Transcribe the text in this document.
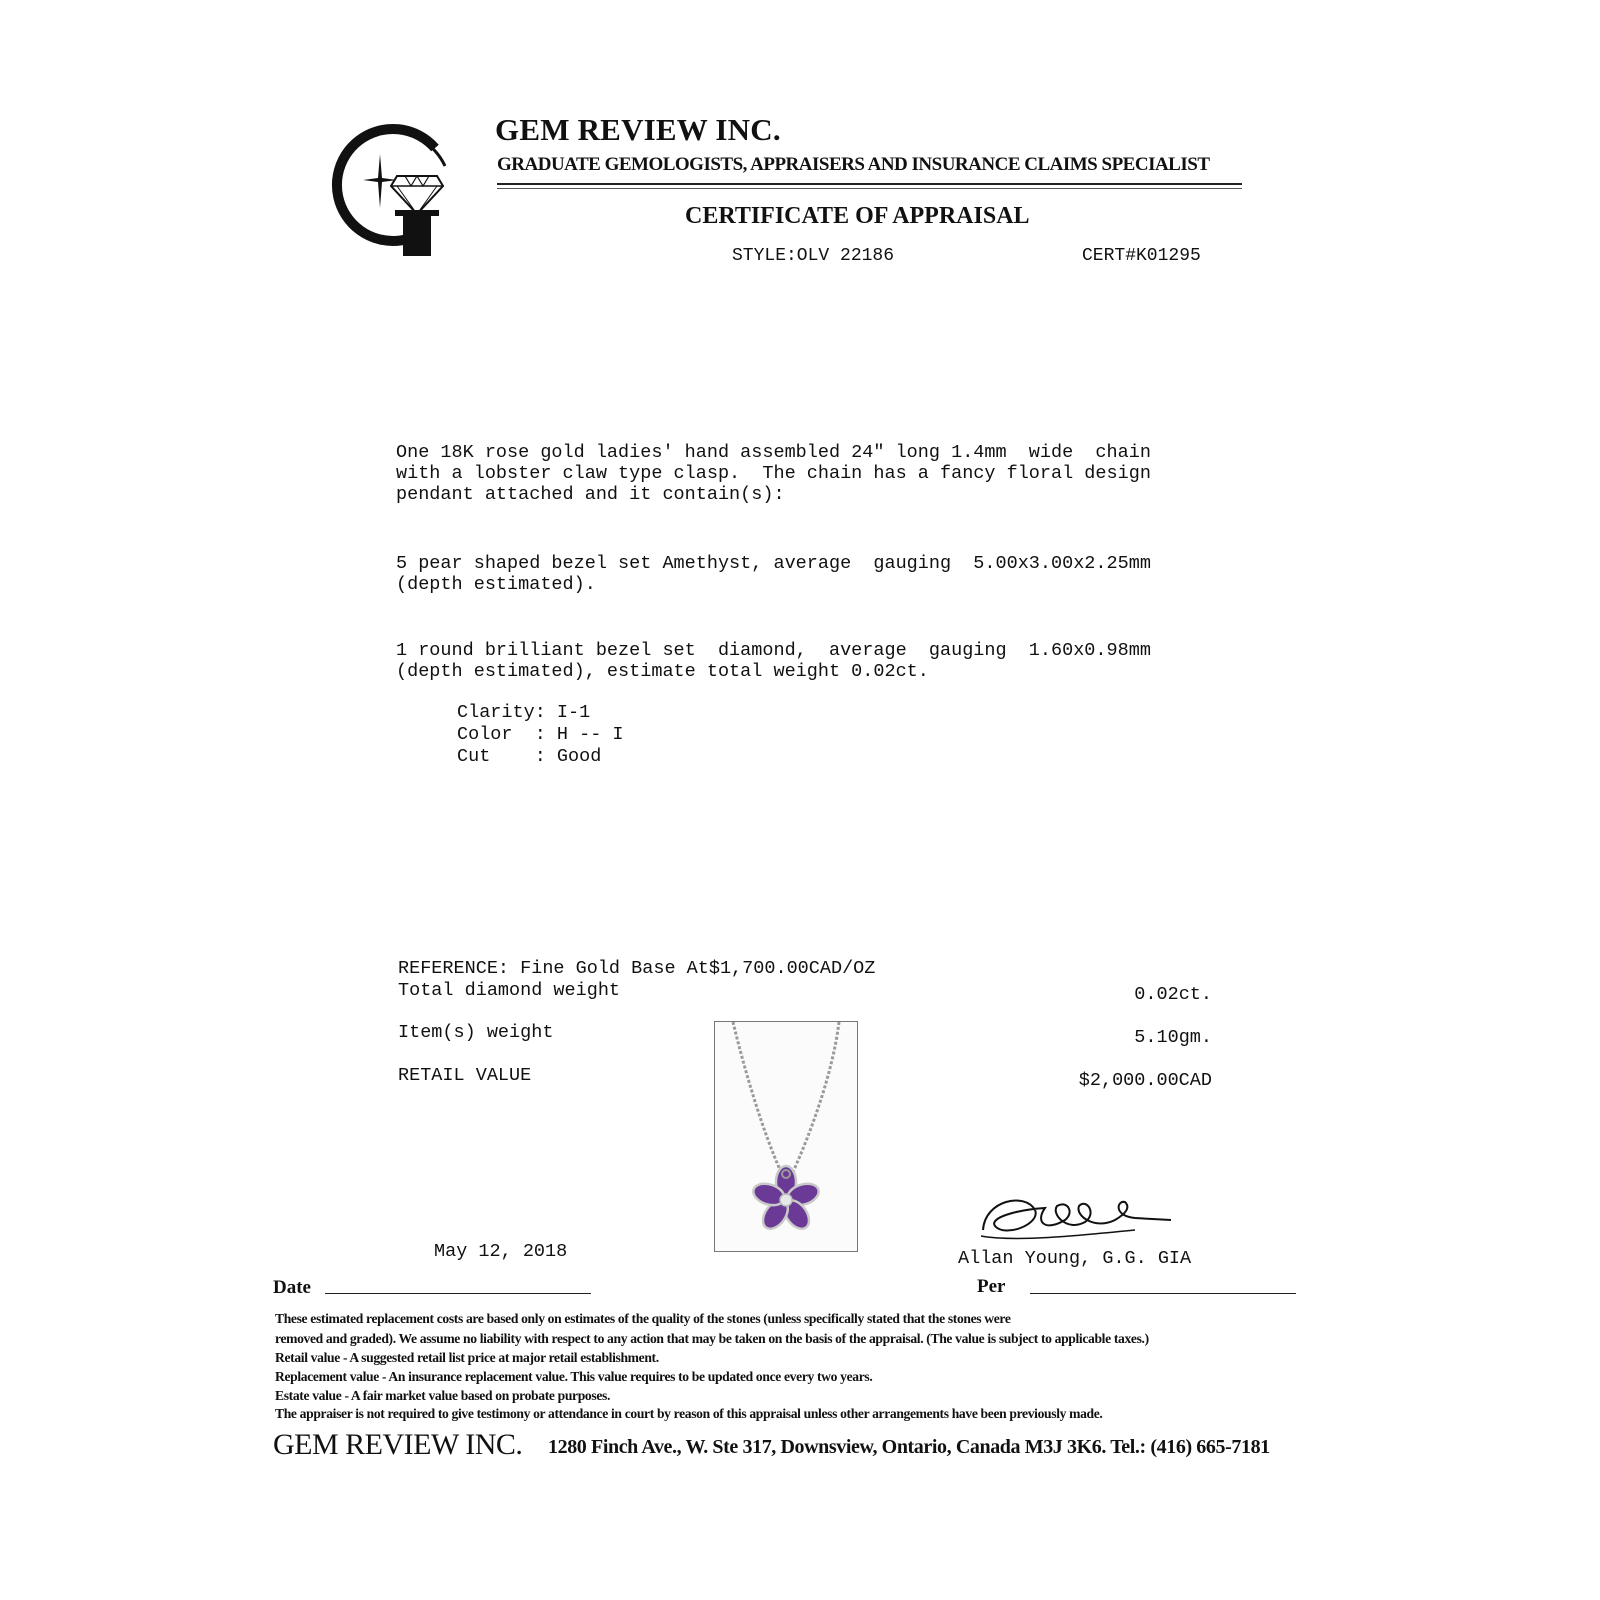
GEM REVIEW INC.
GRADUATE GEMOLOGISTS, APPRAISERS AND INSURANCE CLAIMS SPECIALIST
CERTIFICATE OF APPRAISAL
STYLE:OLV 22186	CERT#K01295
One 18K rose gold ladies' hand assembled 24" long 1.4mm  wide  chain
with a lobster claw type clasp.  The chain has a fancy floral design
pendant attached and it contain(s):
5 pear shaped bezel set Amethyst, average  gauging  5.00x3.00x2.25mm
(depth estimated).
1 round brilliant bezel set  diamond,  average  gauging  1.60x0.98mm
(depth estimated), estimate total weight 0.02ct.
Clarity: I-1
Color  : H -- I
Cut    : Good
REFERENCE: Fine Gold Base At$1,700.00CAD/OZ
Total diamond weight	0.02ct.
Item(s) weight	5.10gm.
RETAIL VALUE	$2,000.00CAD
May 12, 2018	Allan Young, G.G. GIA
Date	Per
These estimated replacement costs are based only on estimates of the quality of the stones (unless specifically stated that the stones were
removed and graded). We assume no liability with respect to any action that may be taken on the basis of the appraisal. (The value is subject to applicable taxes.)
Retail value - A suggested retail list price at major retail establishment.
Replacement value - An insurance replacement value. This value requires to be updated once every two years.
Estate value - A fair market value based on probate purposes.
The appraiser is not required to give testimony or attendance in court by reason of this appraisal unless other arrangements have been previously made.
GEM REVIEW INC. 1280 Finch Ave., W. Ste 317, Downsview, Ontario, Canada M3J 3K6. Tel.: (416) 665-7181
